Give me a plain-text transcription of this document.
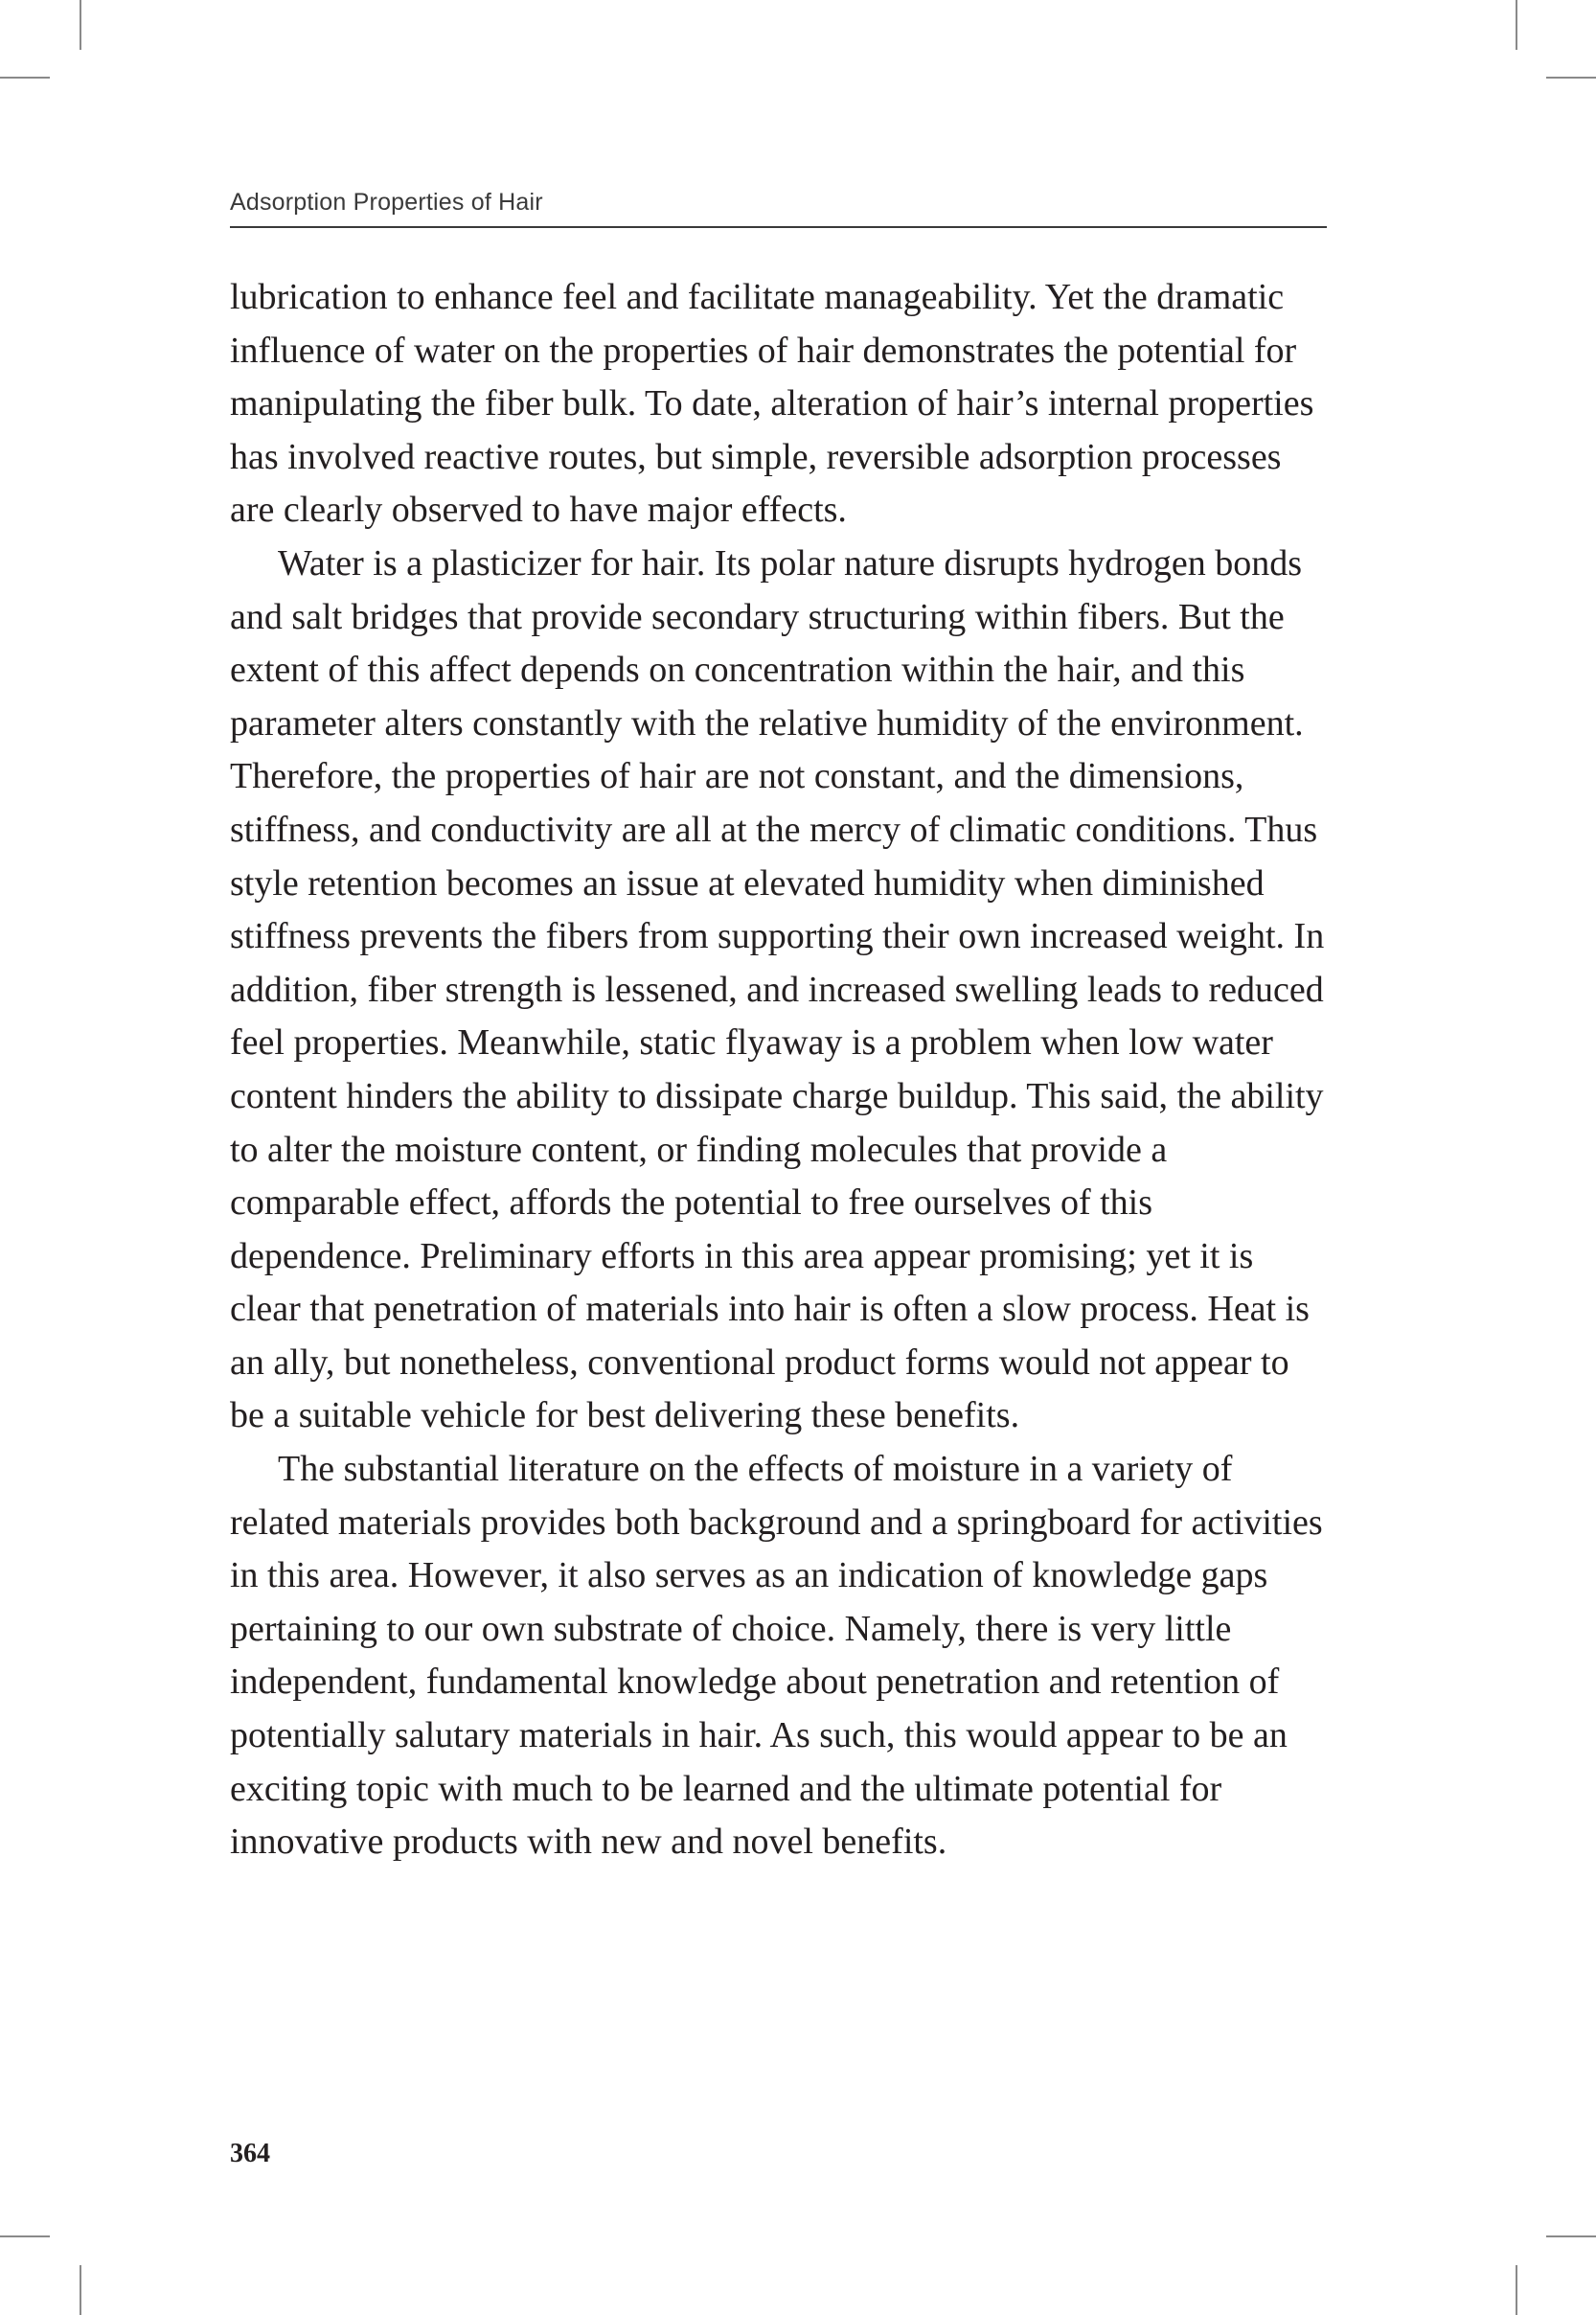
Adsorption Properties of Hair

lubrication to enhance feel and facilitate manageability. Yet the dramatic influence of water on the properties of hair demonstrates the potential for manipulating the fiber bulk. To date, alteration of hair’s internal properties has involved reactive routes, but simple, reversible adsorption processes are clearly observed to have major effects.

Water is a plasticizer for hair. Its polar nature disrupts hydrogen bonds and salt bridges that provide secondary structuring within fibers. But the extent of this affect depends on concentration within the hair, and this parameter alters constantly with the relative humidity of the environment. Therefore, the properties of hair are not constant, and the dimensions, stiffness, and conductivity are all at the mercy of climatic conditions. Thus style retention becomes an issue at elevated humidity when diminished stiffness prevents the fibers from supporting their own increased weight. In addition, fiber strength is lessened, and increased swelling leads to reduced feel properties. Meanwhile, static flyaway is a problem when low water content hinders the ability to dissipate charge buildup. This said, the ability to alter the moisture content, or finding molecules that provide a comparable effect, affords the potential to free ourselves of this dependence. Preliminary efforts in this area appear promising; yet it is clear that penetration of materials into hair is often a slow process. Heat is an ally, but nonetheless, conventional product forms would not appear to be a suitable vehicle for best delivering these benefits.

The substantial literature on the effects of moisture in a variety of related materials provides both background and a springboard for activities in this area. However, it also serves as an indication of knowledge gaps pertaining to our own substrate of choice. Namely, there is very little independent, fundamental knowledge about penetration and retention of potentially salutary materials in hair. As such, this would appear to be an exciting topic with much to be learned and the ultimate potential for innovative products with new and novel benefits.

364
